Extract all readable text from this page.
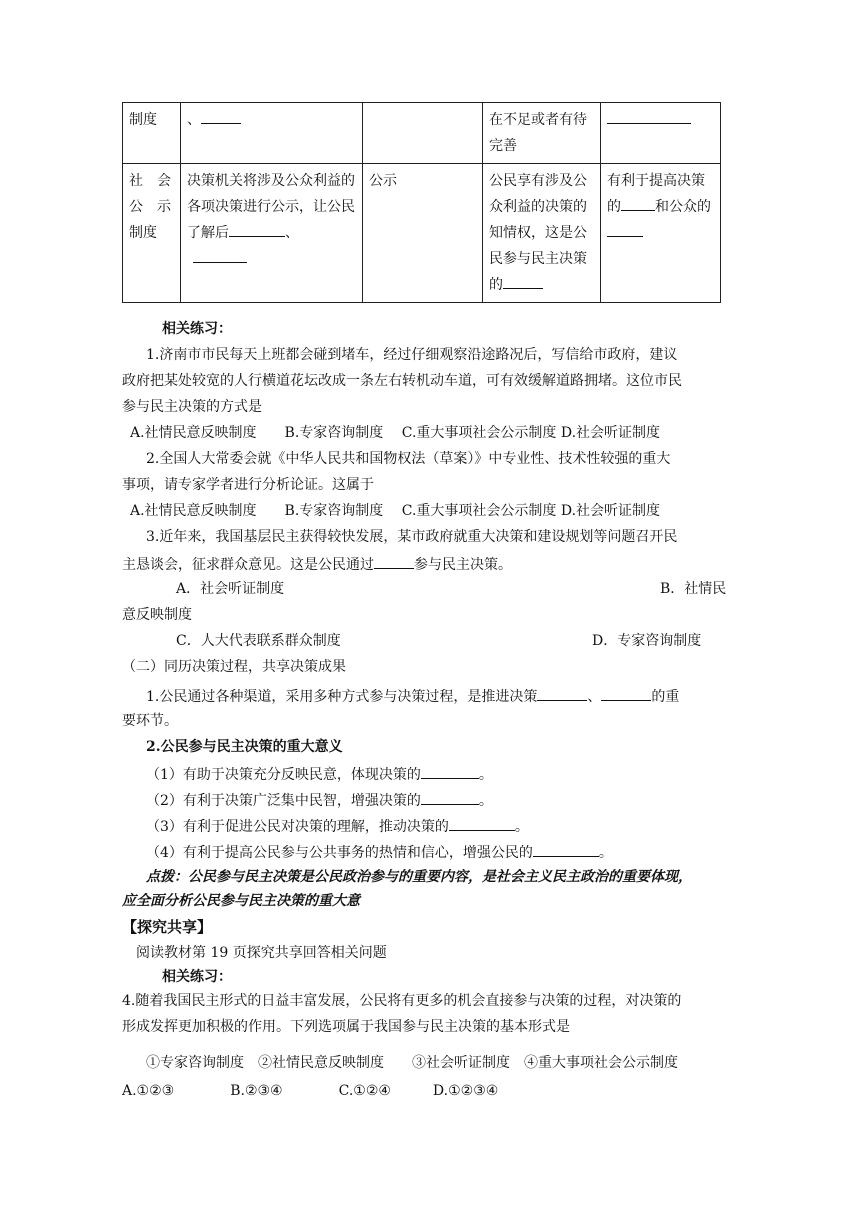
制度	、		在不足或者有待完善	

社　会
公　示
制度	决策机关将涉及公众利益的各项决策进行公示，让公民了解后 、	公示	公民享有涉及公众利益的决策的知情权，这是公民参与民主决策的	有利于提高决策的 和公众的
相关练习：
1.济南市市民每天上班都会碰到堵车，经过仔细观察沿途路况后，写信给市政府，建议
政府把某处较宽的人行横道花坛改成一条左右转机动车道，可有效缓解道路拥堵。这位市民
参与民主决策的方式是
A.社情民意反映制度　　B.专家咨询制度　 C.重大事项社会公示制度 D.社会听证制度
2.全国人大常委会就《中华人民共和国物权法（草案）》中专业性、技术性较强的重大
事项，请专家学者进行分析论证。这属于
A.社情民意反映制度　　B.专家咨询制度　 C.重大事项社会公示制度 D.社会听证制度
3.近年来，我国基层民主获得较快发展，某市政府就重大决策和建设规划等问题召开民
主恳谈会，征求群众意见。这是公民通过	参与民主决策。
A．社会听证制度	B．社情民
意反映制度
C．人大代表联系群众制度	D．专家咨询制度
（二）同历决策过程，共享决策成果
1.公民通过各种渠道，采用多种方式参与决策过程，是推进决策	、	的重
要环节。
2.公民参与民主决策的重大意义
（1）有助于决策充分反映民意，体现决策的	。
（2）有利于决策广泛集中民智，增强决策的	。
（3）有利于促进公民对决策的理解，推动决策的	。
（4）有利于提高公民参与公共事务的热情和信心，增强公民的	。
点拨：公民参与民主决策是公民政治参与的重要内容，是社会主义民主政治的重要体现，
应全面分析公民参与民主决策的重大意
【探究共享】
阅读教材第 19 页探究共享回答相关问题
相关练习：
4.随着我国民主形式的日益丰富发展，公民将有更多的机会直接参与决策的过程，对决策的
形成发挥更加积极的作用。下列选项属于我国参与民主决策的基本形式是
①专家咨询制度　②社情民意反映制度　　③社会听证制度　④重大事项社会公示制度
A.①②③　　　　B.②③④　　　　C.①②④　　　D.①②③④
